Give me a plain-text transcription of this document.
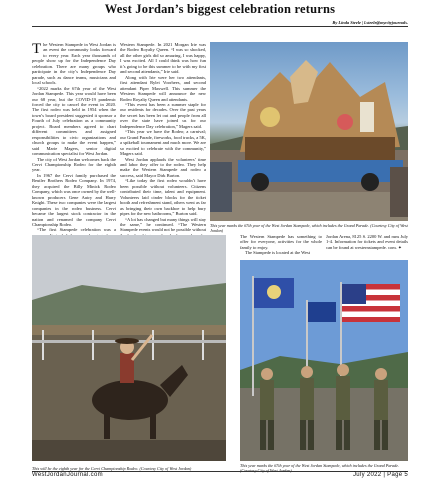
West Jordan’s biggest celebration returns
By Linda Steele | l.steele@mycityjournals.

The Western Stampede in West Jordan is an event the community looks forward to every year. Each year thousands of people show up for the Independence Day celebration. There are many groups who participate in the city’s Independence Day parade, such as dance teams, musicians and local schools.

“2022 marks the 67th year of the West Jordan Stampede. This year would have been our 68 year, but the COVID-19 pandemic forced the city to cancel the event in 2020. The first rodeo was held in 1954 when the town’s board president suggested it sponsor a Fourth of July celebration as a community project. Board members agreed to chart different committees and assigned responsibilities to civic organizations and church groups to make the event happen,” said Marie Magers, senior digital communication specialist for West Jordan.

The city of West Jordan welcomes back the Cervi Championship Rodeo for the eighth year.

In 1967 the Cervi family purchased the Beutler Brothers Rodeo Company. In 1974, they acquired the Billy Minick Rodeo Company, which was once owned by the well-known producers Gene Autry and Harry Knight. These two companies were the largest companies in the rodeo business. Cervi became the largest stock contractor in the nation and renamed the company Cervi Championship Rodeo.

“The first Stampede celebration was a

Western Stampede. In 2021 Morgan Irie was the Rodeo Royalty Queen. “I was so shocked, all the other girls did so amazing, I was happy, I was excited. All I could think was how fun it’s going to be this summer to be with my first and second attendants,” Irie said.

Along with Irie were her two attendants, first attendant Rylei Voorhees, and second attendant Piper Maxwell. This summer the Western Stampede will announce the new Rodeo Royalty Queen and attendants.

“This event has been a summer staple for our residents for decades. Over the past years the secret has been let out and people from all over the state have joined us for our Independence Day celebration,” Magers said.

“This year we have the Rodeo; a carnival; our Grand Parade, fireworks, food trucks, a 5K, a spikeball tournament and much more. We are so excited to celebrate with the community,” Magers said.

West Jordan applauds the volunteers’ time and labor they offer to the rodeo. They help make the Western Stampede and rodeo a success, said Mayor Dirk Burton.

“Like today the first rodeo wouldn’t have been possible without volunteers. Citizens contributed their time, talent and equipment. Volunteers laid cinder blocks for the ticket booth and refreshment stand, others went as far as bringing their own backhoe to help bury pipes for the new bathrooms,” Burton said.

“A lot has changed but many things will stay the same,” he continued. “The Western Stampede events would not be possible without

This year marks the 67th year of the West Jordan Stampede, which includes the Grand Parade. (Courtesy City of West Jordan)

The Western Stampede has something to offer for everyone, activities for the whole family to enjoy.

The Stampede is located at the West

Jordan Arena, 8125 S. 2200 W. and runs July 1-4. Information for tickets and event details can be found at westernstampede. com. ✦

This will be the eighth year for the Cervi Championship Rodeo. (Courtesy City of West Jordan)
This year marks the 67th year of the West Jordan Stampede, which includes the Grand Parade. (Courtesy City of West Jordan)
WestJordanJournal.com	July 2022 | Page 5
